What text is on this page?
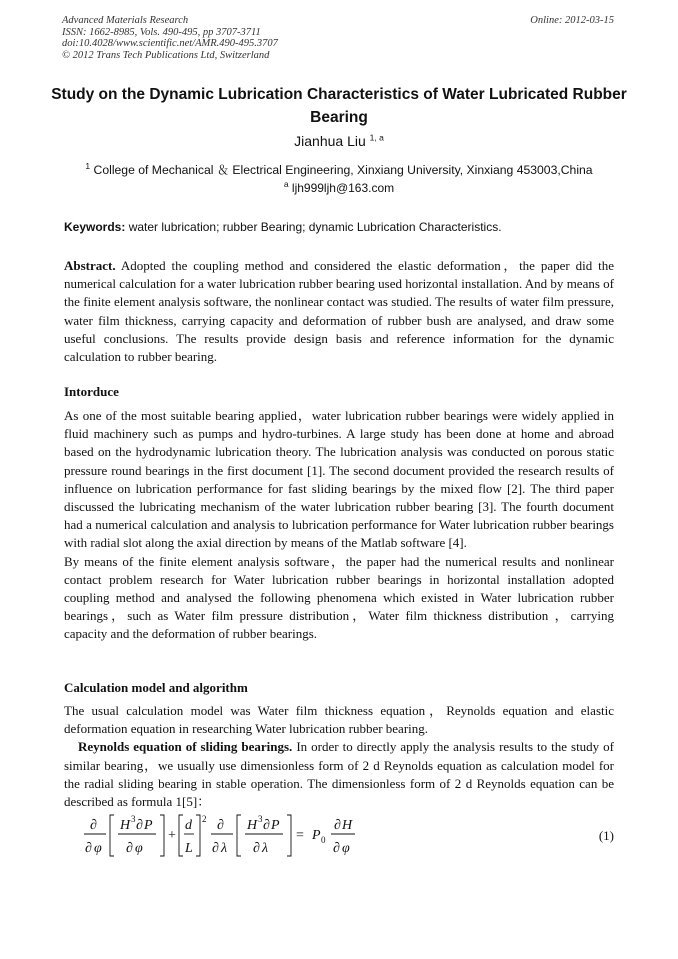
Advanced Materials Research
ISSN: 1662-8985, Vols. 490-495, pp 3707-3711
doi:10.4028/www.scientific.net/AMR.490-495.3707
© 2012 Trans Tech Publications Ltd, Switzerland
Online: 2012-03-15
Study on the Dynamic Lubrication Characteristics of Water Lubricated Rubber Bearing
Jianhua Liu $^{1, a}$
$^1$ College of Mechanical ＆ Electrical Engineering, Xinxiang University, Xinxiang 453003,China
$^a$ ljh999ljh@163.com
Keywords: water lubrication; rubber Bearing; dynamic Lubrication Characteristics.

Abstract. Adopted the coupling method and considered the elastic deformation，the paper did the numerical calculation for a water lubrication rubber bearing used horizontal installation. And by means of the finite element analysis software, the nonlinear contact was studied. The results of water film pressure, water film thickness, carrying capacity and deformation of rubber bush are analysed, and draw some useful conclusions. The results provide design basis and reference information for the dynamic calculation to rubber bearing.

Intorduce

As one of the most suitable bearing applied，water lubrication rubber bearings were widely applied in fluid machinery such as pumps and hydro-turbines. A large study has been done at home and abroad based on the hydrodynamic lubrication theory. The lubrication analysis was conducted on porous static pressure round bearings in the first document [1]. The second document provided the research results of influence on lubrication performance for fast sliding bearings by the mixed flow [2]. The third paper discussed the lubricating mechanism of the water lubrication rubber bearing [3]. The fourth document had a numerical calculation and analysis to lubrication performance for Water lubrication rubber bearings with radial slot along the axial direction by means of the Matlab software [4].

By means of the finite element analysis software，the paper had the numerical results and nonlinear contact problem research for Water lubrication rubber bearings in horizontal installation adopted coupling method and analysed the following phenomena which existed in Water lubrication rubber bearings，such as Water film pressure distribution，Water film thickness distribution ，carrying capacity and the deformation of rubber bearings.

Calculation model and algorithm

The usual calculation model was Water film thickness equation，Reynolds equation and elastic deformation equation in researching Water lubrication rubber bearing.

Reynolds equation of sliding bearings. In order to directly apply the analysis results to the study of similar bearing，we usually use dimensionless form of 2 d Reynolds equation as calculation model for the radial sliding bearing in stable operation. The dimensionless form of 2 d Reynolds equation can be described as formula 1[5]：

∂
∂ φ
H 3 ∂ P
∂ φ
+
d
L
2 ∂
∂ λ
H 3 ∂ P
∂ λ
= P 0
∂ H
∂ φ
(1)
